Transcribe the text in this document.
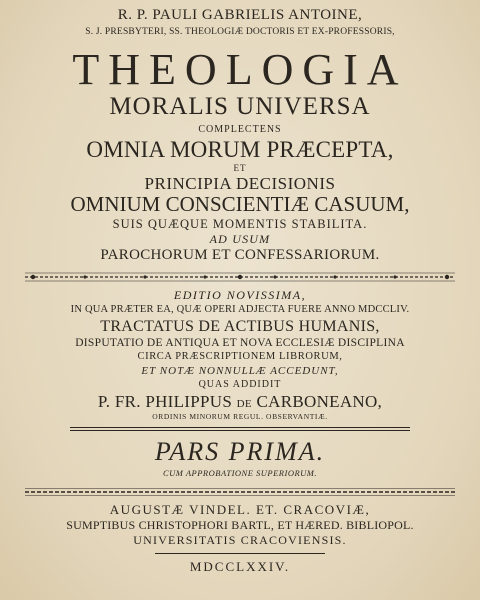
R. P. PAULI GABRIELIS ANTOINE,
S. J. PRESBYTERI, SS. THEOLOGIÆ DOCTORIS ET EX-PROFESSORIS,
THEOLOGIA
MORALIS UNIVERSA
COMPLECTENS
OMNIA MORUM PRÆCEPTA,
ET
PRINCIPIA DECISIONIS
OMNIUM CONSCIENTIÆ CASUUM,
SUIS QUÆQUE MOMENTIS STABILITA.
AD USUM
PAROCHORUM ET CONFESSARIORUM.
EDITIO NOVISSIMA,
IN QUA PRÆTER EA, QUÆ OPERI ADJECTA FUERE ANNO MDCCLIV.
TRACTATUS DE ACTIBUS HUMANIS,
DISPUTATIO DE ANTIQUA ET NOVA ECCLESIÆ DISCIPLINA
CIRCA PRÆSCRIPTIONEM LIBRORUM,
ET NOTÆ NONNULLÆ ACCEDUNT,
QUAS ADDIDIT
P. FR. PHILIPPUS DE CARBONEANO,
ORDINIS MINORUM REGUL. OBSERVANTIÆ.
PARS PRIMA.
CUM APPROBATIONE SUPERIORUM.
AUGUSTÆ VINDEL. ET. CRACOVIÆ,
SUMPTIBUS CHRISTOPHORI BARTL, ET HÆRED. BIBLIOPOL.
UNIVERSITATIS CRACOVIENSIS.
MDCCLXXIV.
